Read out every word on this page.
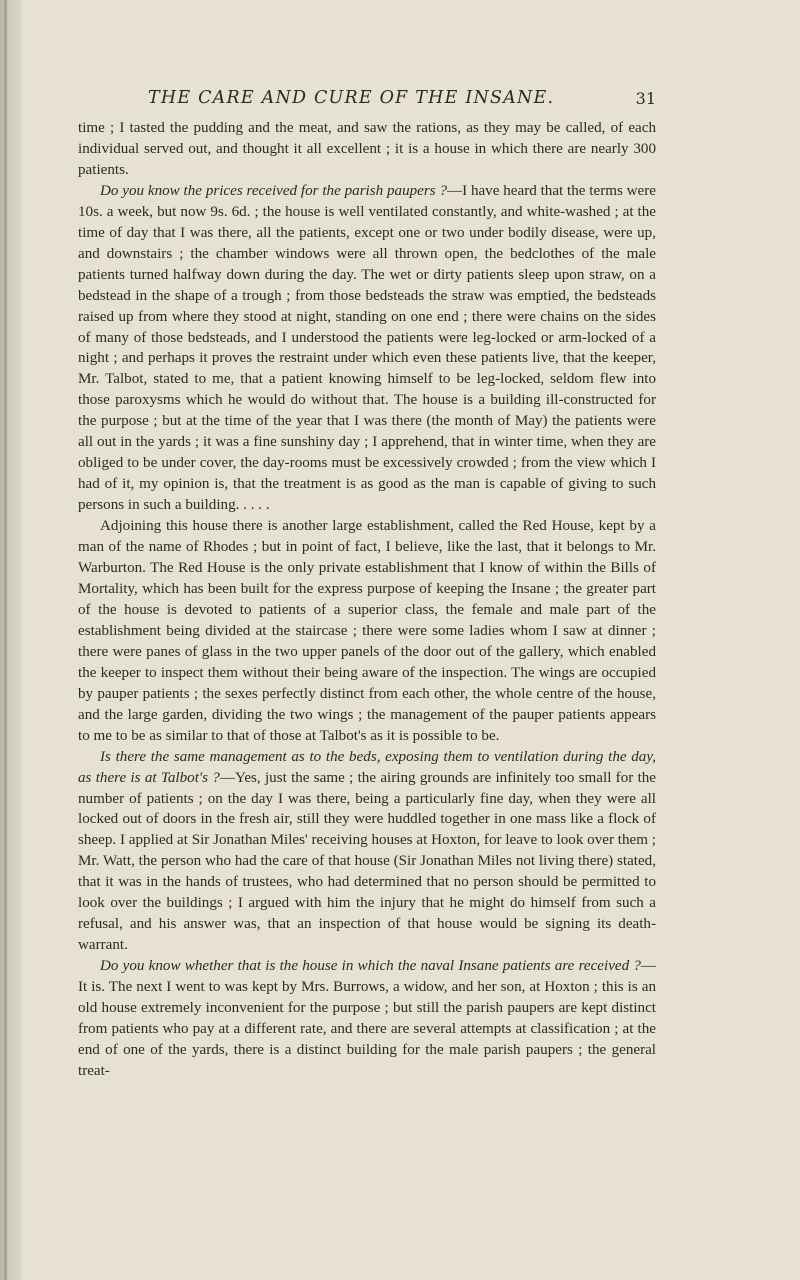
THE CARE AND CURE OF THE INSANE.	31

time ; I tasted the pudding and the meat, and saw the rations, as they may be called, of each individual served out, and thought it all excellent ; it is a house in which there are nearly 300 patients.

Do you know the prices received for the parish paupers ?—I have heard that the terms were 10s. a week, but now 9s. 6d. ; the house is well ventilated constantly, and white-washed ; at the time of day that I was there, all the patients, except one or two under bodily disease, were up, and downstairs ; the chamber windows were all thrown open, the bedclothes of the male patients turned halfway down during the day. The wet or dirty patients sleep upon straw, on a bedstead in the shape of a trough ; from those bedsteads the straw was emptied, the bedsteads raised up from where they stood at night, standing on one end ; there were chains on the sides of many of those bedsteads, and I understood the patients were leg-locked or arm-locked of a night ; and perhaps it proves the restraint under which even these patients live, that the keeper, Mr. Talbot, stated to me, that a patient knowing himself to be leg-locked, seldom flew into those paroxysms which he would do without that. The house is a building ill-constructed for the purpose ; but at the time of the year that I was there (the month of May) the patients were all out in the yards ; it was a fine sunshiny day ; I apprehend, that in winter time, when they are obliged to be under cover, the day-rooms must be excessively crowded ; from the view which I had of it, my opinion is, that the treatment is as good as the man is capable of giving to such persons in such a building. . . . .

Adjoining this house there is another large establishment, called the Red House, kept by a man of the name of Rhodes ; but in point of fact, I believe, like the last, that it belongs to Mr. Warburton. The Red House is the only private establishment that I know of within the Bills of Mortality, which has been built for the express purpose of keeping the Insane ; the greater part of the house is devoted to patients of a superior class, the female and male part of the establishment being divided at the staircase ; there were some ladies whom I saw at dinner ; there were panes of glass in the two upper panels of the door out of the gallery, which enabled the keeper to inspect them without their being aware of the inspection. The wings are occupied by pauper patients ; the sexes perfectly distinct from each other, the whole centre of the house, and the large garden, dividing the two wings ; the management of the pauper patients appears to me to be as similar to that of those at Talbot's as it is possible to be.

Is there the same management as to the beds, exposing them to ventilation during the day, as there is at Talbot's ?—Yes, just the same ; the airing grounds are infinitely too small for the number of patients ; on the day I was there, being a particularly fine day, when they were all locked out of doors in the fresh air, still they were huddled together in one mass like a flock of sheep. I applied at Sir Jonathan Miles' receiving houses at Hoxton, for leave to look over them ; Mr. Watt, the person who had the care of that house (Sir Jonathan Miles not living there) stated, that it was in the hands of trustees, who had determined that no person should be permitted to look over the buildings ; I argued with him the injury that he might do himself from such a refusal, and his answer was, that an inspection of that house would be signing its death-warrant.

Do you know whether that is the house in which the naval Insane patients are received ?—It is. The next I went to was kept by Mrs. Burrows, a widow, and her son, at Hoxton ; this is an old house extremely inconvenient for the purpose ; but still the parish paupers are kept distinct from patients who pay at a different rate, and there are several attempts at classification ; at the end of one of the yards, there is a distinct building for the male parish paupers ; the general treat-
